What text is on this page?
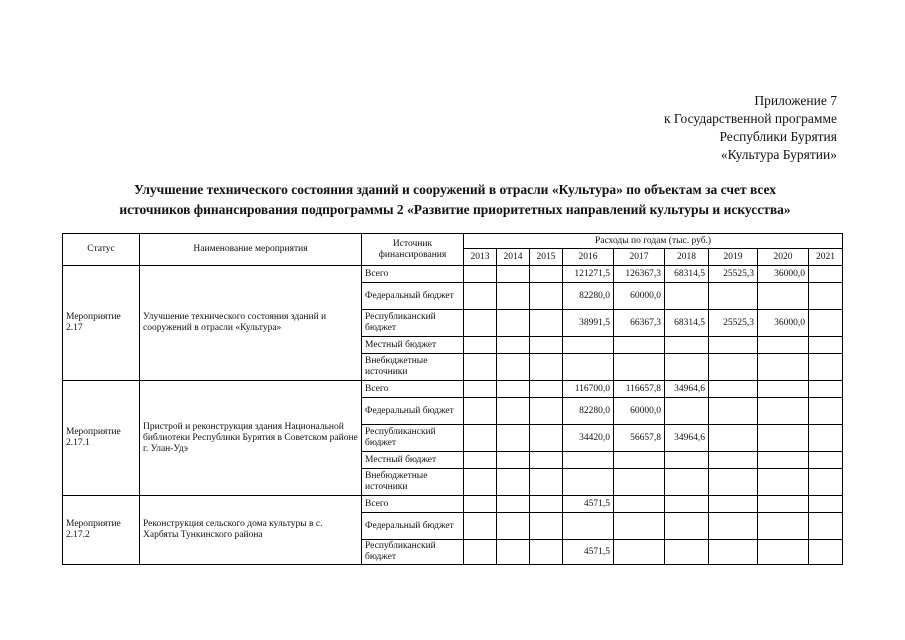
Приложение 7
к Государственной программе
Республики Бурятия
«Культура Бурятии»
Улучшение технического состояния зданий и сооружений в отрасли «Культура» по объектам за счет всех
источников финансирования подпрограммы 2 «Развитие приоритетных направлений культуры и искусства»
Статус	Наименование мероприятия	Источник финансирования	Расходы по годам (тыс. руб.)								
			2013	2014	2015	2016	2017	2018	2019	2020	2021
Мероприятие 2.17	Улучшение технического состояния зданий и сооружений в отрасли «Культура»	Всего				121271,5	126367,3	68314,5	25525,3	36000,0	
		Федеральный бюджет				82280,0	60000,0				
		Республиканский бюджет				38991,5	66367,3	68314,5	25525,3	36000,0	
		Местный бюджет									
		Внебюджетные источники									
Мероприятие 2.17.1	Пристрой и реконструкция здания Национальной библиотеки Республики Бурятия в Советском районе г. Улан-Удэ	Всего				116700,0	116657,8	34964,6			
		Федеральный бюджет				82280,0	60000,0				
		Республиканский бюджет				34420,0	56657,8	34964,6			
		Местный бюджет									
		Внебюджетные источники									
Мероприятие 2.17.2	Реконструкция сельского дома культуры в с. Харбяты Тункинского района	Всего				4571,5					
		Федеральный бюджет									
		Республиканский бюджет				4571,5					
